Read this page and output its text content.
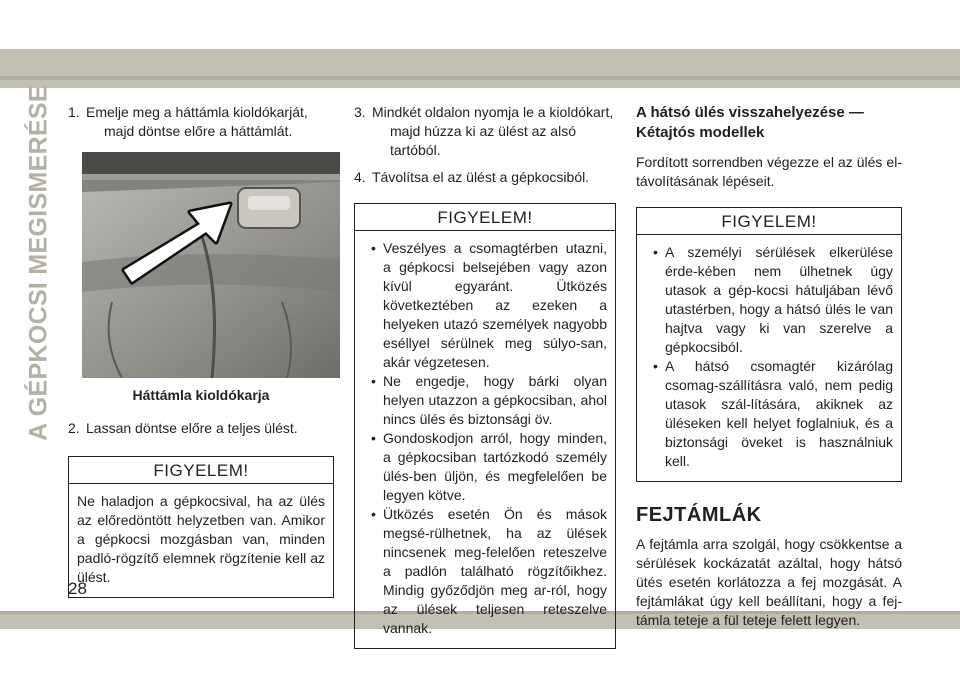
A GÉPKOCSI MEGISMERÉSE 1. Emelje meg a háttámla kioldókarját, majd döntse előre a háttámlát.

Háttámla kioldókarja

2. Lassan döntse előre a teljes ülést.

FIGYELEM!
Ne haladjon a gépkocsival, ha az ülés az előredöntött helyzetben van. Amikor a gépkocsi mozgásban van, minden padló-rögzítő elemnek rögzítenie kell az ülést.

3. Mindkét oldalon nyomja le a kioldókart, majd húzza ki az ülést az alsó tartóból.

4. Távolítsa el az ülést a gépkocsiból.

FIGYELEM!
• Veszélyes a csomagtérben utazni, a gépkocsi belsejében vagy azon kívül egyaránt. Ütközés következtében az ezeken a helyeken utazó személyek nagyobb eséllyel sérülnek meg súlyo-san, akár végzetesen.
• Ne engedje, hogy bárki olyan helyen utazzon a gépkocsiban, ahol nincs ülés és biztonsági öv.
• Gondoskodjon arról, hogy minden, a gépkocsiban tartózkodó személy ülés-ben üljön, és megfelelően be legyen kötve.
• Ütközés esetén Ön és mások megsé-rülhetnek, ha az ülések nincsenek meg-felelően reteszelve a padlón található rögzítőikhez. Mindig győződjön meg ar-ról, hogy az ülések teljesen reteszelve vannak.

A hátsó ülés visszahelyezése — Kétajtós modellek

Fordított sorrendben végezze el az ülés el-távolításának lépéseit.

FIGYELEM!
• A személyi sérülések elkerülése érde-kében nem ülhetnek úgy utasok a gép-kocsi hátuljában lévő utastérben, hogy a hátsó ülés le van hajtva vagy ki van szerelve a gépkocsiból.
• A hátsó csomagtér kizárólag csomag-szállításra való, nem pedig utasok szál-lítására, akiknek az üléseken kell helyet foglalniuk, és a biztonsági öveket is használniuk kell.

FEJTÁMLÁK

A fejtámla arra szolgál, hogy csökkentse a sérülések kockázatát azáltal, hogy hátsó ütés esetén korlátozza a fej mozgását. A fejtámlákat úgy kell beállítani, hogy a fej-támla teteje a fül teteje felett legyen.

28
